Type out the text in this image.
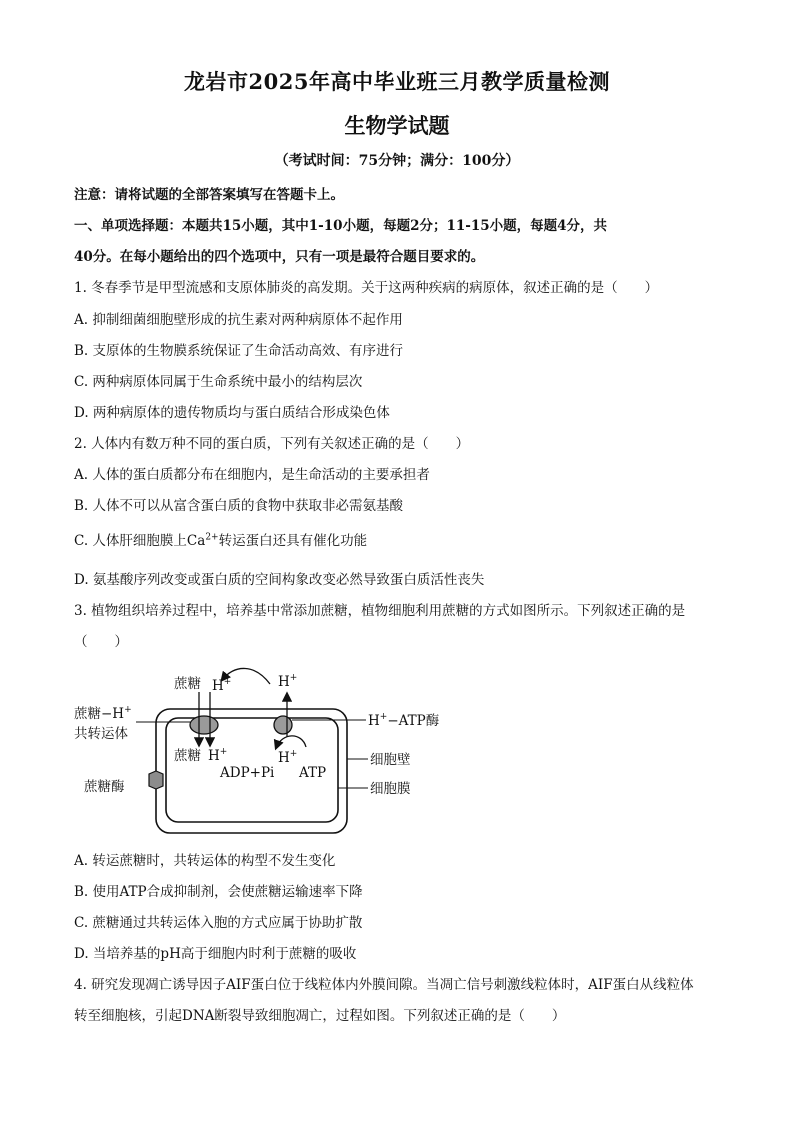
龙岩市2025年高中毕业班三月教学质量检测
生物学试题
（考试时间：75分钟；满分：100分）
注意：请将试题的全部答案填写在答题卡上。
一、单项选择题：本题共15小题，其中1-10小题，每题2分；11-15小题，每题4分，共
40分。在每小题给出的四个选项中，只有一项是最符合题目要求的。
1. 冬春季节是甲型流感和支原体肺炎的高发期。关于这两种疾病的病原体，叙述正确的是（　　）
A. 抑制细菌细胞壁形成的抗生素对两种病原体不起作用
B. 支原体的生物膜系统保证了生命活动高效、有序进行
C. 两种病原体同属于生命系统中最小的结构层次
D. 两种病原体的遗传物质均与蛋白质结合形成染色体
2. 人体内有数万种不同的蛋白质，下列有关叙述正确的是（　　）
A. 人体的蛋白质都分布在细胞内，是生命活动的主要承担者
B. 人体不可以从富含蛋白质的食物中获取非必需氨基酸
C. 人体肝细胞膜上$Ca^{2+}$转运蛋白还具有催化功能
D. 氨基酸序列改变或蛋白质的空间构象改变必然导致蛋白质活性丧失
3. 植物组织培养过程中，培养基中常添加蔗糖，植物细胞利用蔗糖的方式如图所示。下列叙述正确的是
（　　）
蔗糖 H+	H+
蔗糖−H+
共转运体
H+−ATP酶
蔗糖 H+	H+
ADP+Pi ATP
细胞壁
细胞膜
蔗糖酶
A. 转运蔗糖时，共转运体的构型不发生变化
B. 使用ATP合成抑制剂，会使蔗糖运输速率下降
C. 蔗糖通过共转运体入胞的方式应属于协助扩散
D. 当培养基的pH高于细胞内时利于蔗糖的吸收
4. 研究发现凋亡诱导因子AIF蛋白位于线粒体内外膜间隙。当凋亡信号刺激线粒体时，AIF蛋白从线粒体
转至细胞核，引起DNA断裂导致细胞凋亡，过程如图。下列叙述正确的是（　　）
